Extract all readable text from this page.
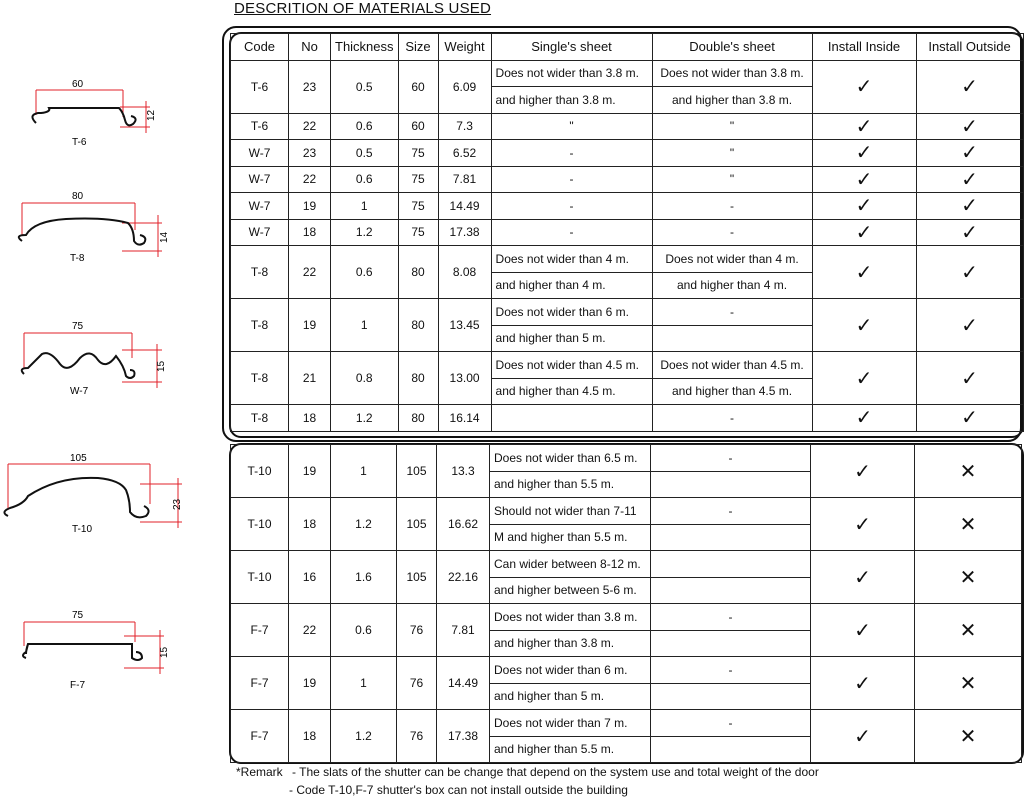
DESCRITION OF MATERIALS USED
Code	No	Thickness	Size	Weight	Single's sheet	Double's sheet	Install Inside	Install Outside
T-6	23	0.5	60	6.09	Does not wider than 3.8 m.	Does not wider than 3.8 m.	✓	✓
					and higher than 3.8 m.	and higher than 3.8 m.		
T-6	22	0.6	60	7.3	"	"	✓	✓
W-7	23	0.5	75	6.52	-	"	✓	✓
W-7	22	0.6	75	7.81	-	"	✓	✓
W-7	19	1	75	14.49	-	-	✓	✓
W-7	18	1.2	75	17.38	-	-	✓	✓
T-8	22	0.6	80	8.08	Does not wider than 4 m.	Does not wider than 4 m.	✓	✓
					and higher than 4 m.	and higher than 4 m.		
T-8	19	1	80	13.45	Does not wider than 6 m.	-	✓	✓
					and higher than 5 m.			
T-8	21	0.8	80	13.00	Does not wider than 4.5 m.	Does not wider than 4.5 m.	✓	✓
					and higher than 4.5 m.	and higher than 4.5 m.		
T-8	18	1.2	80	16.14		-	✓	✓
T-10	19	1	105	13.3	Does not wider than 6.5 m.	-	✓	✕
					and higher than 5.5 m.			
T-10	18	1.2	105	16.62	Should not wider than 7-11	-	✓	✕
					M and higher than 5.5 m.			
T-10	16	1.6	105	22.16	Can wider between 8-12 m.		✓	✕
					and higher between 5-6 m.			
F-7	22	0.6	76	7.81	Does not wider than 3.8 m.	-	✓	✕
					and higher than 3.8 m.			
F-7	19	1	76	14.49	Does not wider than 6 m.	-	✓	✕
					and higher than 5 m.			
F-7	18	1.2	76	17.38	Does not wider than 7 m.	-	✓	✕
					and higher than 5.5 m.			
*Remark - The slats of the shutter can be change that depend on the system use and total weight of the door
- Code T-10,F-7 shutter's box can not install outside the building
60
12
T-6
80
14
T-8
75
15
W-7
105
23
T-10
75
15
F-7
